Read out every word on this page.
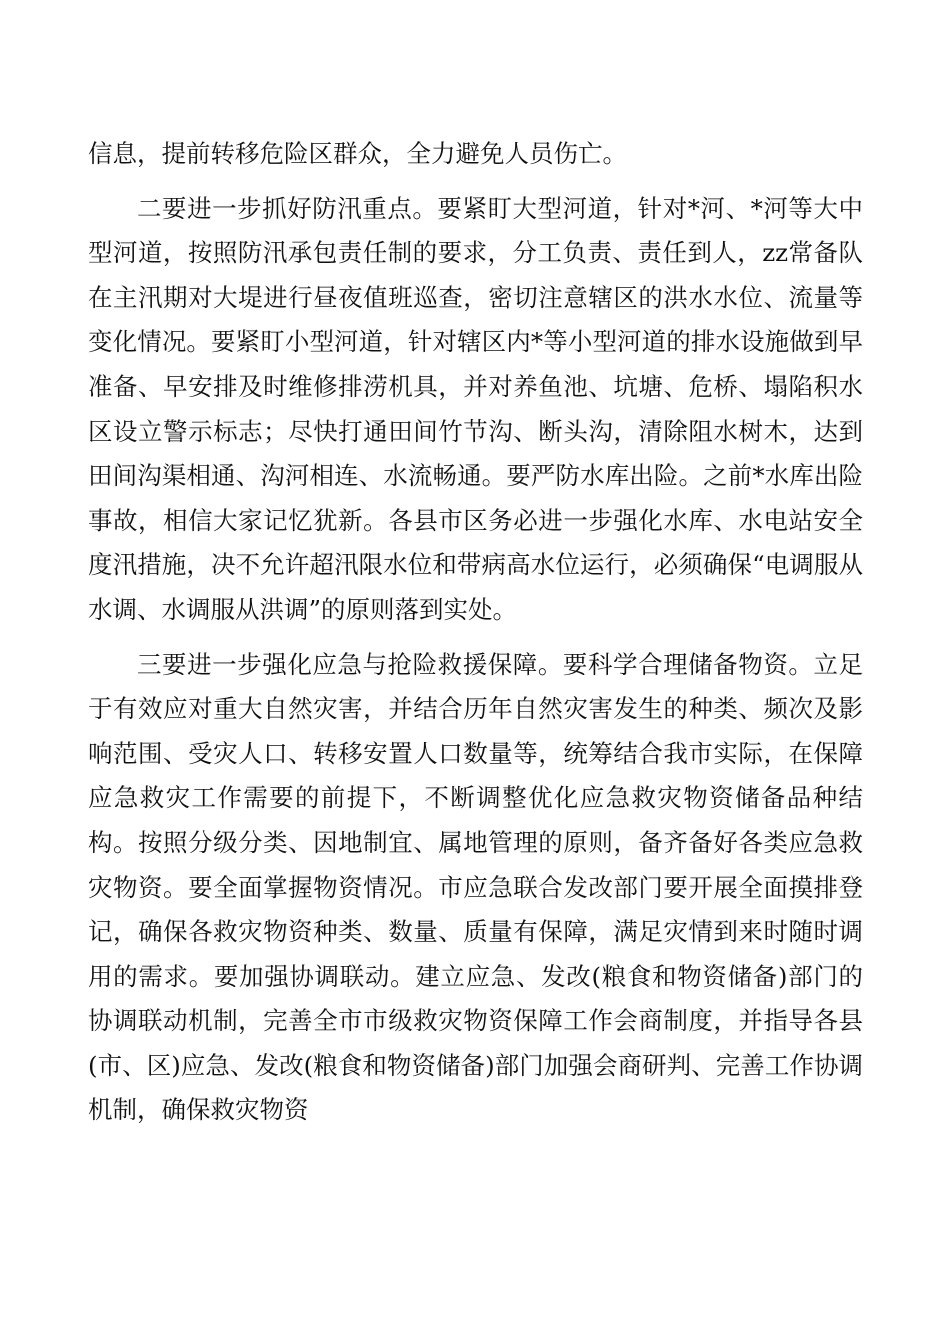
信息，提前转移危险区群众，全力避免人员伤亡。

二要进一步抓好防汛重点。要紧盯大型河道，针对*河、*河等大中型河道，按照防汛承包责任制的要求，分工负责、责任到人，zz常备队在主汛期对大堤进行昼夜值班巡查，密切注意辖区的洪水水位、流量等变化情况。要紧盯小型河道，针对辖区内*等小型河道的排水设施做到早准备、早安排及时维修排涝机具，并对养鱼池、坑塘、危桥、塌陷积水区设立警示标志；尽快打通田间竹节沟、断头沟，清除阻水树木，达到田间沟渠相通、沟河相连、水流畅通。要严防水库出险。之前*水库出险事故，相信大家记忆犹新。各县市区务必进一步强化水库、水电站安全度汛措施，决不允许超汛限水位和带病高水位运行，必须确保“电调服从水调、水调服从洪调”的原则落到实处。

三要进一步强化应急与抢险救援保障。要科学合理储备物资。立足于有效应对重大自然灾害，并结合历年自然灾害发生的种类、频次及影响范围、受灾人口、转移安置人口数量等，统筹结合我市实际，在保障应急救灾工作需要的前提下，不断调整优化应急救灾物资储备品种结构。按照分级分类、因地制宜、属地管理的原则，备齐备好各类应急救灾物资。要全面掌握物资情况。市应急联合发改部门要开展全面摸排登记，确保各救灾物资种类、数量、质量有保障，满足灾情到来时随时调用的需求。要加强协调联动。建立应急、发改(粮食和物资储备)部门的协调联动机制，完善全市市级救灾物资保障工作会商制度，并指导各县(市、区)应急、发改(粮食和物资储备)部门加强会商研判、完善工作协调机制，确保救灾物资
